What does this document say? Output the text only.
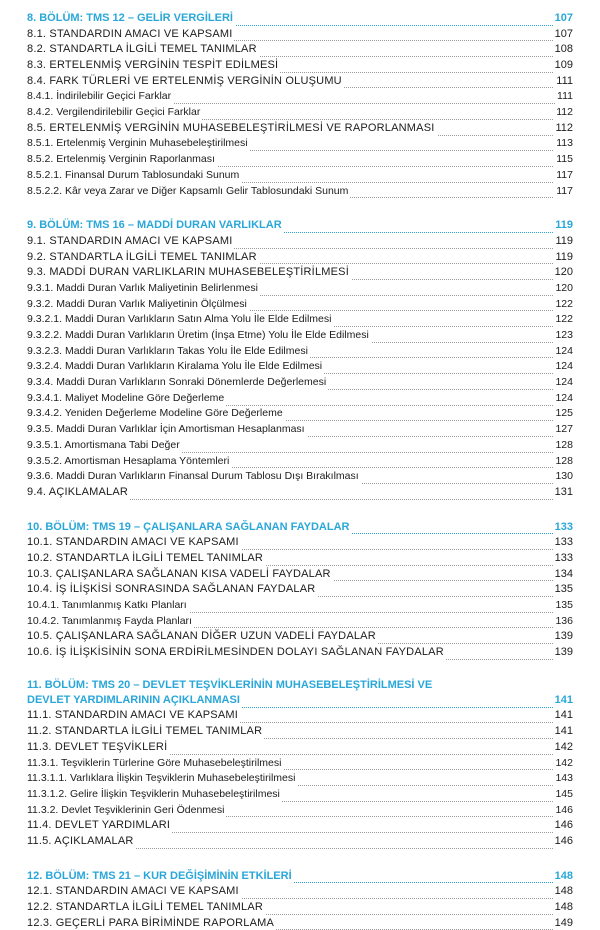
8. BÖLÜM: TMS 12 – GELİR VERGİLERİ	107
8.1. STANDARDIN AMACI VE KAPSAMI	107
8.2. STANDARTLA İLGİLİ TEMEL TANIMLAR	108
8.3. ERTELENMİŞ VERGİNİN TESPİT EDİLMESİ	109
8.4. FARK TÜRLERİ VE ERTELENMİŞ VERGİNİN OLUŞUMU	111
8.4.1. İndirilebilir Geçici Farklar	111
8.4.2. Vergilendirilebilir Geçici Farklar	112
8.5. ERTELENMİŞ VERGİNİN MUHASEBELEŞTİRİLMESİ VE RAPORLANMASI	112
8.5.1. Ertelenmiş Verginin Muhasebeleştirilmesi	113
8.5.2. Ertelenmiş Verginin Raporlanması	115
8.5.2.1. Finansal Durum Tablosundaki Sunum	117
8.5.2.2. Kâr veya Zarar ve Diğer Kapsamlı Gelir Tablosundaki Sunum	117
9. BÖLÜM: TMS 16 – MADDİ DURAN VARLIKLAR	119
9.1. STANDARDIN AMACI VE KAPSAMI	119
9.2. STANDARTLA İLGİLİ TEMEL TANIMLAR	119
9.3. MADDİ DURAN VARLIKLARIN MUHASEBELEŞTİRİLMESİ	120
9.3.1. Maddi Duran Varlık Maliyetinin Belirlenmesi	120
9.3.2. Maddi Duran Varlık Maliyetinin Ölçülmesi	122
9.3.2.1. Maddi Duran Varlıkların Satın Alma Yolu İle Elde Edilmesi	122
9.3.2.2. Maddi Duran Varlıkların Üretim (İnşa Etme) Yolu İle Elde Edilmesi	123
9.3.2.3. Maddi Duran Varlıkların Takas Yolu İle Elde Edilmesi	124
9.3.2.4. Maddi Duran Varlıkların Kiralama Yolu İle Elde Edilmesi	124
9.3.4. Maddi Duran Varlıkların Sonraki Dönemlerde Değerlemesi	124
9.3.4.1. Maliyet Modeline Göre Değerleme	124
9.3.4.2. Yeniden Değerleme Modeline Göre Değerleme	125
9.3.5. Maddi Duran Varlıklar İçin Amortisman Hesaplanması	127
9.3.5.1. Amortismana Tabi Değer	128
9.3.5.2. Amortisman Hesaplama Yöntemleri	128
9.3.6. Maddi Duran Varlıkların Finansal Durum Tablosu Dışı Bırakılması	130
9.4. AÇIKLAMALAR	131
10. BÖLÜM: TMS 19 – ÇALIŞANLARA SAĞLANAN FAYDALAR	133
10.1. STANDARDIN AMACI VE KAPSAMI	133
10.2. STANDARTLA İLGİLİ TEMEL TANIMLAR	133
10.3. ÇALIŞANLARA SAĞLANAN KISA VADELİ FAYDALAR	134
10.4. İŞ İLİŞKİSİ SONRASINDA SAĞLANAN FAYDALAR	135
10.4.1. Tanımlanmış Katkı Planları	135
10.4.2. Tanımlanmış Fayda Planları	136
10.5. ÇALIŞANLARA SAĞLANAN DİĞER UZUN VADELİ FAYDALAR	139
10.6. İŞ İLİŞKİSİNİN SONA ERDİRİLMESİNDEN DOLAYI SAĞLANAN FAYDALAR	139
11. BÖLÜM: TMS 20 – DEVLET TEŞVİKLERİNİN MUHASEBELEŞTİRİLMESİ VE
DEVLET YARDIMLARININ AÇIKLANMASI	141
11.1. STANDARDIN AMACI VE KAPSAMI	141
11.2. STANDARTLA İLGİLİ TEMEL TANIMLAR	141
11.3. DEVLET TEŞVİKLERİ	142
11.3.1. Teşviklerin Türlerine Göre Muhasebeleştirilmesi	142
11.3.1.1. Varlıklara İlişkin Teşviklerin Muhasebeleştirilmesi	143
11.3.1.2. Gelire İlişkin Teşviklerin Muhasebeleştirilmesi	145
11.3.2. Devlet Teşviklerinin Geri Ödenmesi	146
11.4. DEVLET YARDIMLARI	146
11.5. AÇIKLAMALAR	146
12. BÖLÜM: TMS 21 – KUR DEĞİŞİMİNİN ETKİLERİ	148
12.1. STANDARDIN AMACI VE KAPSAMI	148
12.2. STANDARTLA İLGİLİ TEMEL TANIMLAR	148
12.3. GEÇERLİ PARA BİRİMİNDE RAPORLAMA	149
